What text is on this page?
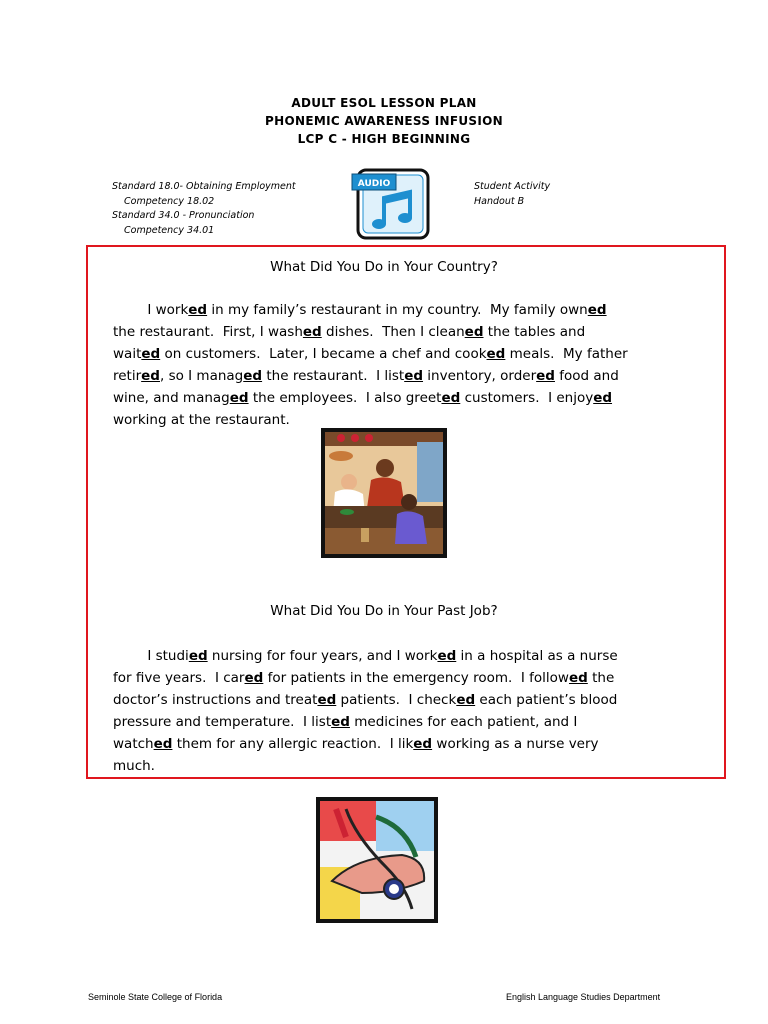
ADULT ESOL LESSON PLAN
PHONEMIC AWARENESS INFUSION
LCP C - HIGH BEGINNING
Standard 18.0- Obtaining Employment
Competency 18.02
Standard 34.0 - Pronunciation
Competency 34.01
AUDIO	Student Activity
Handout B
What Did You Do in Your Country?
I worked in my family’s restaurant in my country.  My family owned
the restaurant.  First, I washed dishes.  Then I cleaned the tables and
waited on customers.  Later, I became a chef and cooked meals.  My father
retired, so I managed the restaurant.  I listed inventory, ordered food and
wine, and managed the employees.  I also greeted customers.  I enjoyed
working at the restaurant.
What Did You Do in Your Past Job?
I studied nursing for four years, and I worked in a hospital as a nurse
for five years.  I cared for patients in the emergency room.  I followed the
doctor’s instructions and treated patients.  I checked each patient’s blood
pressure and temperature.  I listed medicines for each patient, and I
watched them for any allergic reaction.  I liked working as a nurse very
much.
Seminole State College of Florida	English Language Studies Department
